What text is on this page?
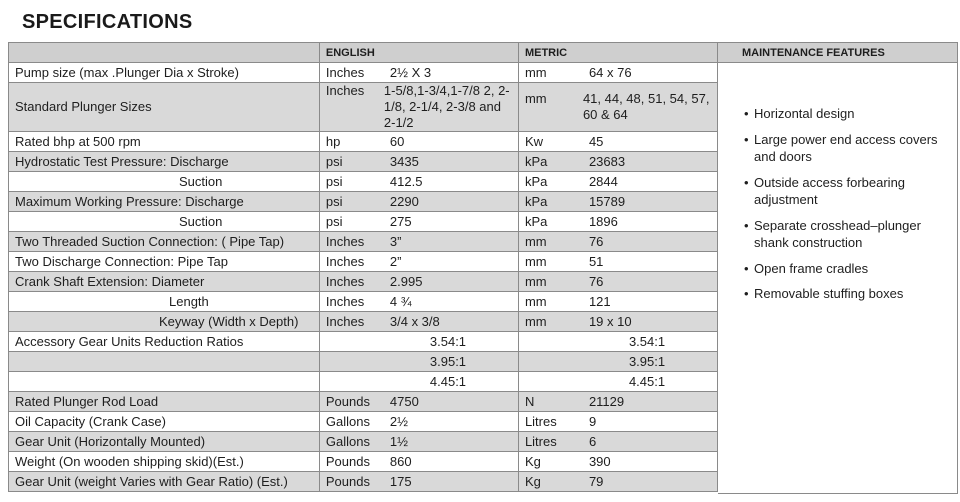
SPECIFICATIONS
	ENGLISH	METRIC
Pump size (max .Plunger Dia x Stroke)	Inches 2½ X 3	mm 64 x 76

Standard Plunger Sizes	Inches 1-5/8,1-3/4,1-7/8 2, 2-1/8, 2-1/4, 2-3/8 and 2-1/2	mm 41, 44, 48, 51, 54, 57, 60 & 64

Rated bhp at 500 rpm	hp 60	Kw 45

Hydrostatic Test Pressure: Discharge	psi 3435	kPa 23683

Suction	psi 412.5	kPa 2844

Maximum Working Pressure: Discharge	psi 2290	kPa 15789

Suction	psi 275	kPa 1896

Two Threaded Suction Connection: ( Pipe Tap)	Inches 3”	mm 76

Two Discharge Connection: Pipe Tap	Inches 2”	mm 51

Crank Shaft Extension: Diameter	Inches 2.995	mm 76

Length	Inches 4 ¾	mm 121

Keyway (Width x Depth)	Inches 3/4 x 3/8	mm 19 x 10

Accessory Gear Units Reduction Ratios	3.54:1	3.54:1

	3.95:1	3.95:1

	4.45:1	4.45:1

Rated Plunger Rod Load	Pounds 4750	N 21129

Oil Capacity (Crank Case)	Gallons 2½	Litres 9

Gear Unit (Horizontally Mounted)	Gallons 1½	Litres 6

Weight (On wooden shipping skid)(Est.)	Pounds 860	Kg 390

Gear Unit (weight Varies with Gear Ratio) (Est.)	Pounds 175	Kg 79
MAINTENANCE FEATURES
• Horizontal design
• Large power end access covers and doors
• Outside access forbearing adjustment
• Separate crosshead–plunger shank construction
• Open frame cradles
• Removable stuffing boxes
